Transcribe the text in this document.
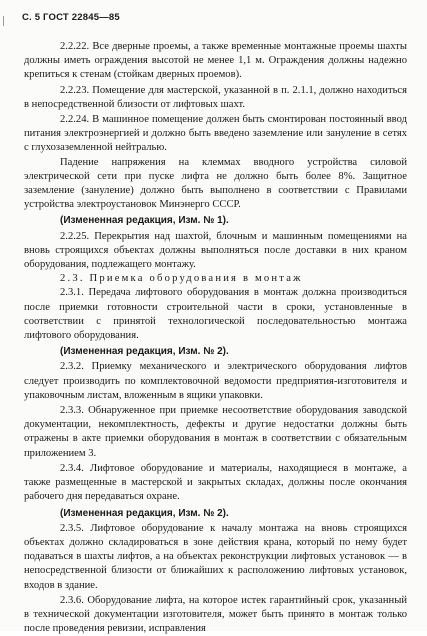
С. 5 ГОСТ 22845—85

2.2.22. Все дверные проемы, а также временные монтажные проемы шахты должны иметь ограждения высотой не менее 1,1 м. Ограждения должны надежно крепиться к стенам (стойкам дверных проемов).

2.2.23. Помещение для мастерской, указанной в п. 2.1.1, должно находиться в непосредственной близости от лифтовых шахт.

2.2.24. В машинное помещение должен быть смонтирован постоянный ввод питания электроэнергией и должно быть введено заземление или зануление в сетях с глухозаземленной нейтралью.

Падение напряжения на клеммах вводного устройства силовой электрической сети при пуске лифта не должно быть более 8%. Защитное заземление (зануление) должно быть выполнено в соответствии с Правилами устройства электроустановок Минэнерго СССР.

(Измененная редакция, Изм. № 1).

2.2.25. Перекрытия над шахтой, блочным и машинным помещениями на вновь строящихся объектах должны выполняться после доставки в них краном оборудования, подлежащего монтажу.

2.3. Приемка оборудования в монтаж

2.3.1. Передача лифтового оборудования в монтаж должна производиться после приемки готовности строительной части в сроки, установленные в соответствии с принятой технологической последовательностью монтажа лифтового оборудования.

(Измененная редакция, Изм. № 2).

2.3.2. Приемку механического и электрического оборудования лифтов следует производить по комплектовочной ведомости предприятия-изготовителя и упаковочным листам, вложенным в ящики упаковки.

2.3.3. Обнаруженное при приемке несоответствие оборудования заводской документации, некомплектность, дефекты и другие недостатки должны быть отражены в акте приемки оборудования в монтаж в соответствии с обязательным приложением 3.

2.3.4. Лифтовое оборудование и материалы, находящиеся в монтаже, а также размещенные в мастерской и закрытых складах, должны после окончания рабочего дня передаваться охране.

(Измененная редакция, Изм. № 2).

2.3.5. Лифтовое оборудование к началу монтажа на вновь строящихся объектах должно складироваться в зоне действия крана, который по нему будет подаваться в шахты лифтов, а на объектах реконструкции лифтовых установок — в непосредственной близости от ближайших к расположению лифтовых установок, входов в здание.

2.3.6. Оборудование лифта, на которое истек гарантийный срок, указанный в технической документации изготовителя, может быть принято в монтаж только после проведения ревизии, исправления
